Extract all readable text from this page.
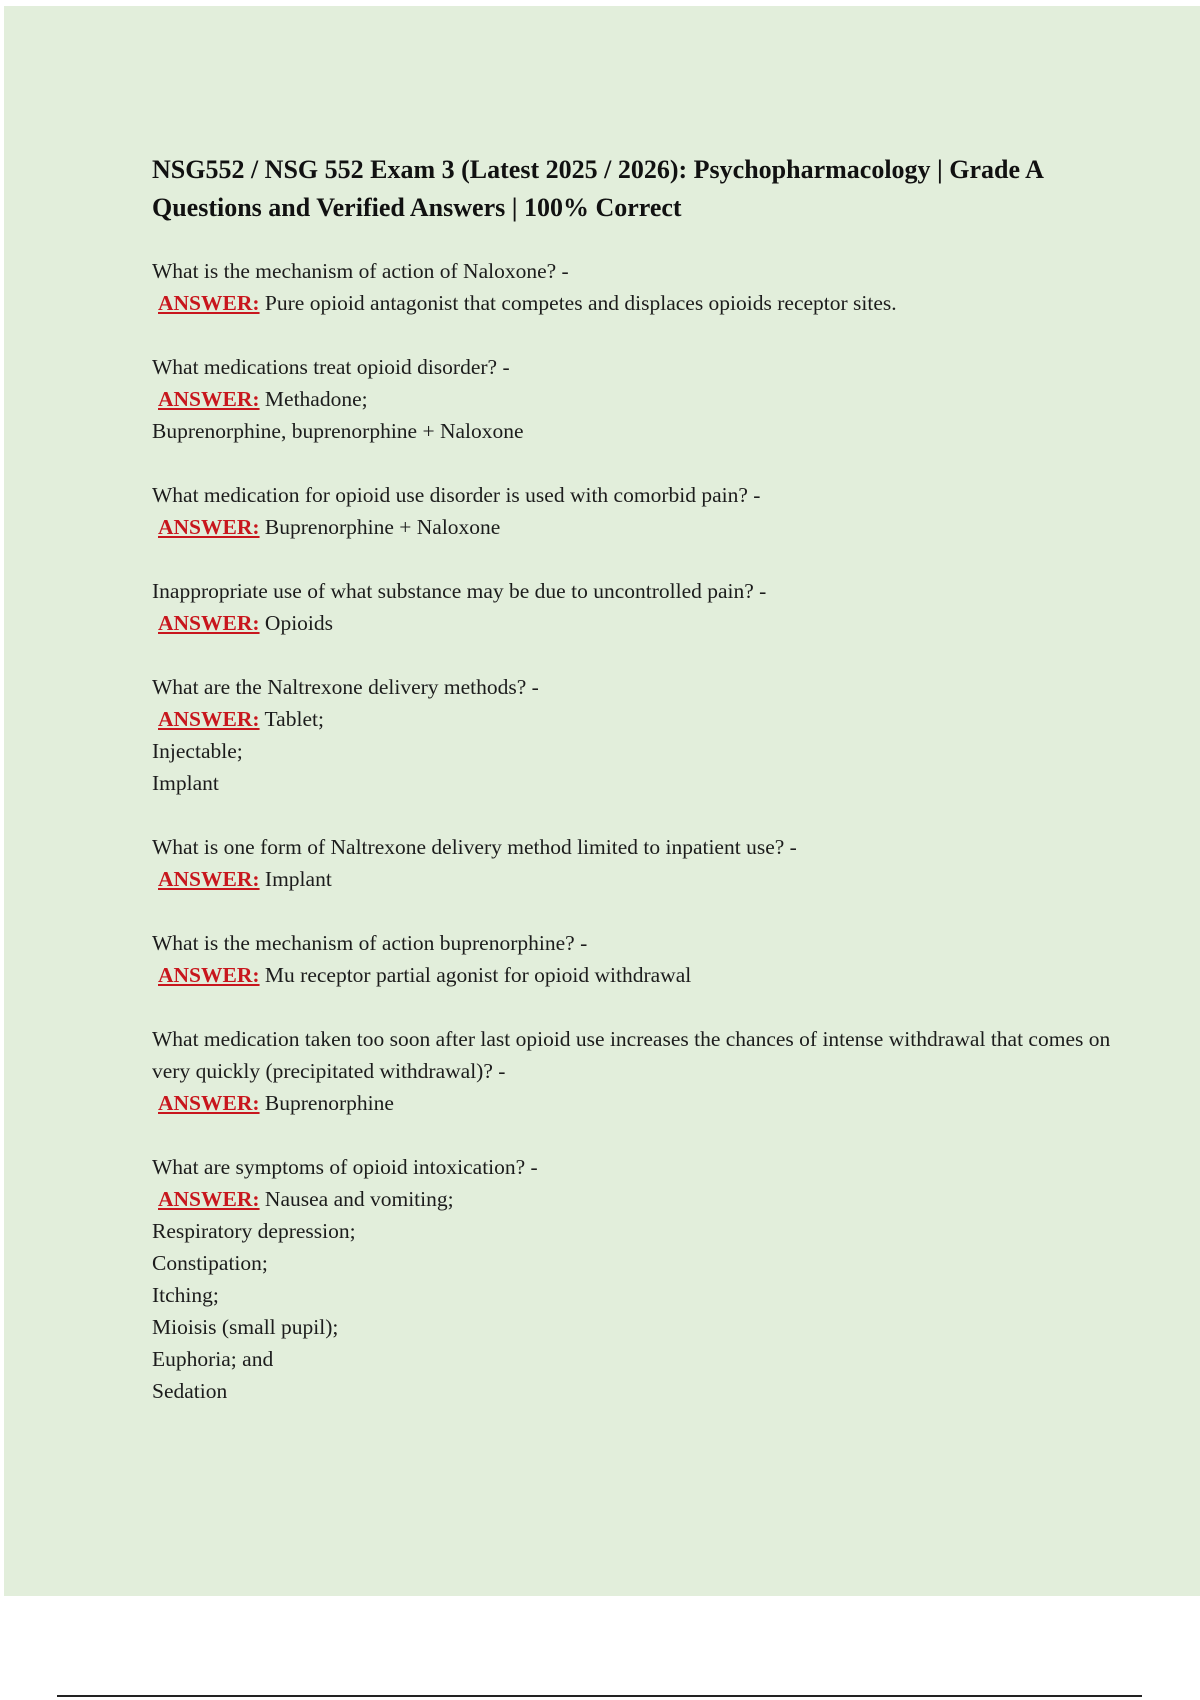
NSG552 / NSG 552 Exam 3 (Latest 2025 / 2026): Psychopharmacology | Grade A Questions and Verified Answers | 100% Correct
What is the mechanism of action of Naloxone? -
ANSWER: Pure opioid antagonist that competes and displaces opioids receptor sites.
What medications treat opioid disorder? -
ANSWER: Methadone;
Buprenorphine, buprenorphine + Naloxone
What medication for opioid use disorder is used with comorbid pain? -
ANSWER: Buprenorphine + Naloxone
Inappropriate use of what substance may be due to uncontrolled pain? -
ANSWER: Opioids
What are the Naltrexone delivery methods? -
ANSWER: Tablet;
Injectable;
Implant
What is one form of Naltrexone delivery method limited to inpatient use? -
ANSWER: Implant
What is the mechanism of action buprenorphine? -
ANSWER: Mu receptor partial agonist for opioid withdrawal
What medication taken too soon after last opioid use increases the chances of intense withdrawal that comes on very quickly (precipitated withdrawal)? -
ANSWER: Buprenorphine
What are symptoms of opioid intoxication? -
ANSWER: Nausea and vomiting;
Respiratory depression;
Constipation;
Itching;
Mioisis (small pupil);
Euphoria; and
Sedation
